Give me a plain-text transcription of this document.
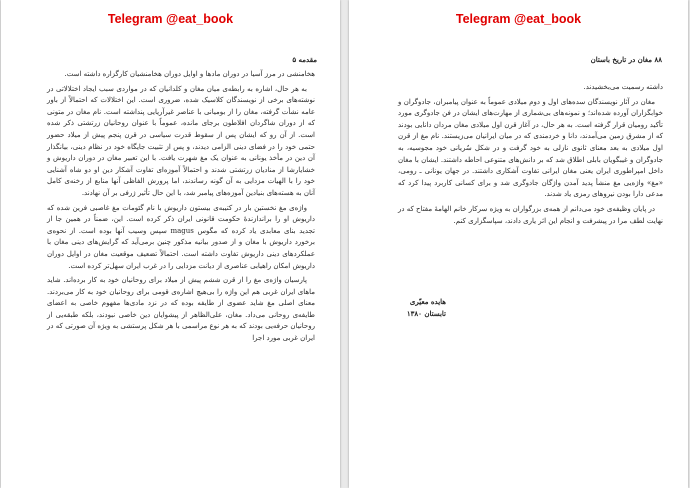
Telegram @eat_book
مقدمه ۵

هخامنشی در مرز آسیا در دوران مادها و اوایل دوران هخامنشیان کارگزاره داشته است.

به هر حال، اشاره به رابطه‌ی میان مغان و کلدانیان که در مواردی سبب ایجاد اختلالاتی در نوشته‌های برخی از نویسندگان کلاسیک شده، ضروری است. این اختلالات که احتمالاً از باور عامه نشأت گرفته، مغان را از بومیانی با عناصر غیرآریایی پنداشته است. نام مغان در متونی که از دوران شاگردان افلاطون برجای مانده، عموماً با عنوان روحانیان زرتشتی ذکر شده است. از آن رو که ایشان پس از سقوط قدرت سیاسی در قرن پنجم پیش از میلاد حضور حتمی خود را در فضای دینی الزامی دیدند، و پس از تثبیت جایگاه خود در نظام دینی، بیانگذار آن دین در مأخذ یونانی به عنوان یک مغ شهرت یافت. با این تعبیر مغان در دوران داریوش و خشایارشا از منادیان زرتشتی شدند و احتمالاً آموزه‌ای تفاوت آشکار دین او دو شاه آشنایی خود را با الهیات مزدایی به آن گونه رساندند، اما پرورش الفاظی آنها منابع از رخنه‌ی کامل آنان به هسته‌های بنیادین آموزه‌های پیامبر شد، با این حال تأثیر ژرفی بر آن نهادند.

واژه‌ی مغ نخستین بار در کتیبه‌ی بیستون داریوش با نام گئومات مغ غاصبی فرین شده که داریوش او را برانداز‌ندهٔ حکومت قانونی ایران ذکر کرده است. این، ضمناً در همین جا از تجدید بنای معابدی یاد کرده که مگوس magus سپس وسیب آنها بوده است. از نحوه‌ی برخورد داریوش با مغان و از صدور بیانیه مذکور چنین برمی‌آید که گرایش‌های دینی مغان با عملکردهای دینی داریوش تفاوت داشته است. احتمالاً تضعیف موقعیت مغان در اوایل دوران داریوش امکان راهیابی عناصری از دیانت مزدایی را در غرب ایران سهل‌تر کرده است.

پارسیان واژه‌ی مغ را از قرن ششم پیش از میلاد برای روحانیان خود به کار برده‌اند. شاید ماهای ایران غربی هم این واژه را بی‌هیچ اشاره‌ی قومی برای روحانیان خود به کار می‌بردند. معنای اصلی مغ شاید عضوی از طایفه بوده که در نزد مادی‌ها مفهوم خاصی به اعضای طایفه‌ی روحانی می‌داد. مغان، علی‌الظاهر از پیشوایان دین خاصی نبودند، بلکه طبقه‌یی از روحانیان حرفه‌یی بودند که به هر نوع مراسمی با هر شکل پرستشی به ویژه آن صورتی که در ایران غربی مورد اجرا

Telegram @eat_book
۸۸ مغان در تاریخ باستان

داشته رسمیت می‌بخشیدند.

مغان در آثار نویسندگان سده‌های اول و دوم میلادی عموماً به عنوان پیامبران، جادوگران و خوابگزاران آورده شده‌اند؛ و نمونه‌های بی‌شماری از مهارت‌های ایشان در فن جادوگری مورد تأکید رومیان قرار گرفته است. به هر حال، در آغاز قرن اول میلادی مغان مردان دانایی بودند که از مشرق زمین می‌آمدند، دانا و خردمندی که در میان ایرانیان می‌زیستند. نام مغ از قرن اول میلادی به بعد معنای ثانوی نازلی به خود گرفت و در شکل سُریانی خود مجوسیه، به جادوگران و غیبگویان بابلی اطلاق شد که بر دانش‌های متنوعی احاطه داشتند. ایشان با مغان داخل امپراطوری ایران یعنی مغان ایرانی تفاوت آشکاری داشتند. در جهان یونانی ـ رومی، «مغ» واژه‌یی مغ منشأ پدید آمدن واژگان جادوگری شد و برای کسانی کاربرد پیدا کرد که مدعی دارا بودن نیروهای رمزی یاد شدند.

در پایان وظیفه‌ی خود می‌دانم از همه‌ی بزرگواران به ویژه سرکار خانم الهامهٔ مفتاح که در نهایت لطف مرا در پیشرفت و انجام این اثر یاری دادند، سپاسگزاری کنم.

هایده معیّری
تابستان ۱۳۸۰
